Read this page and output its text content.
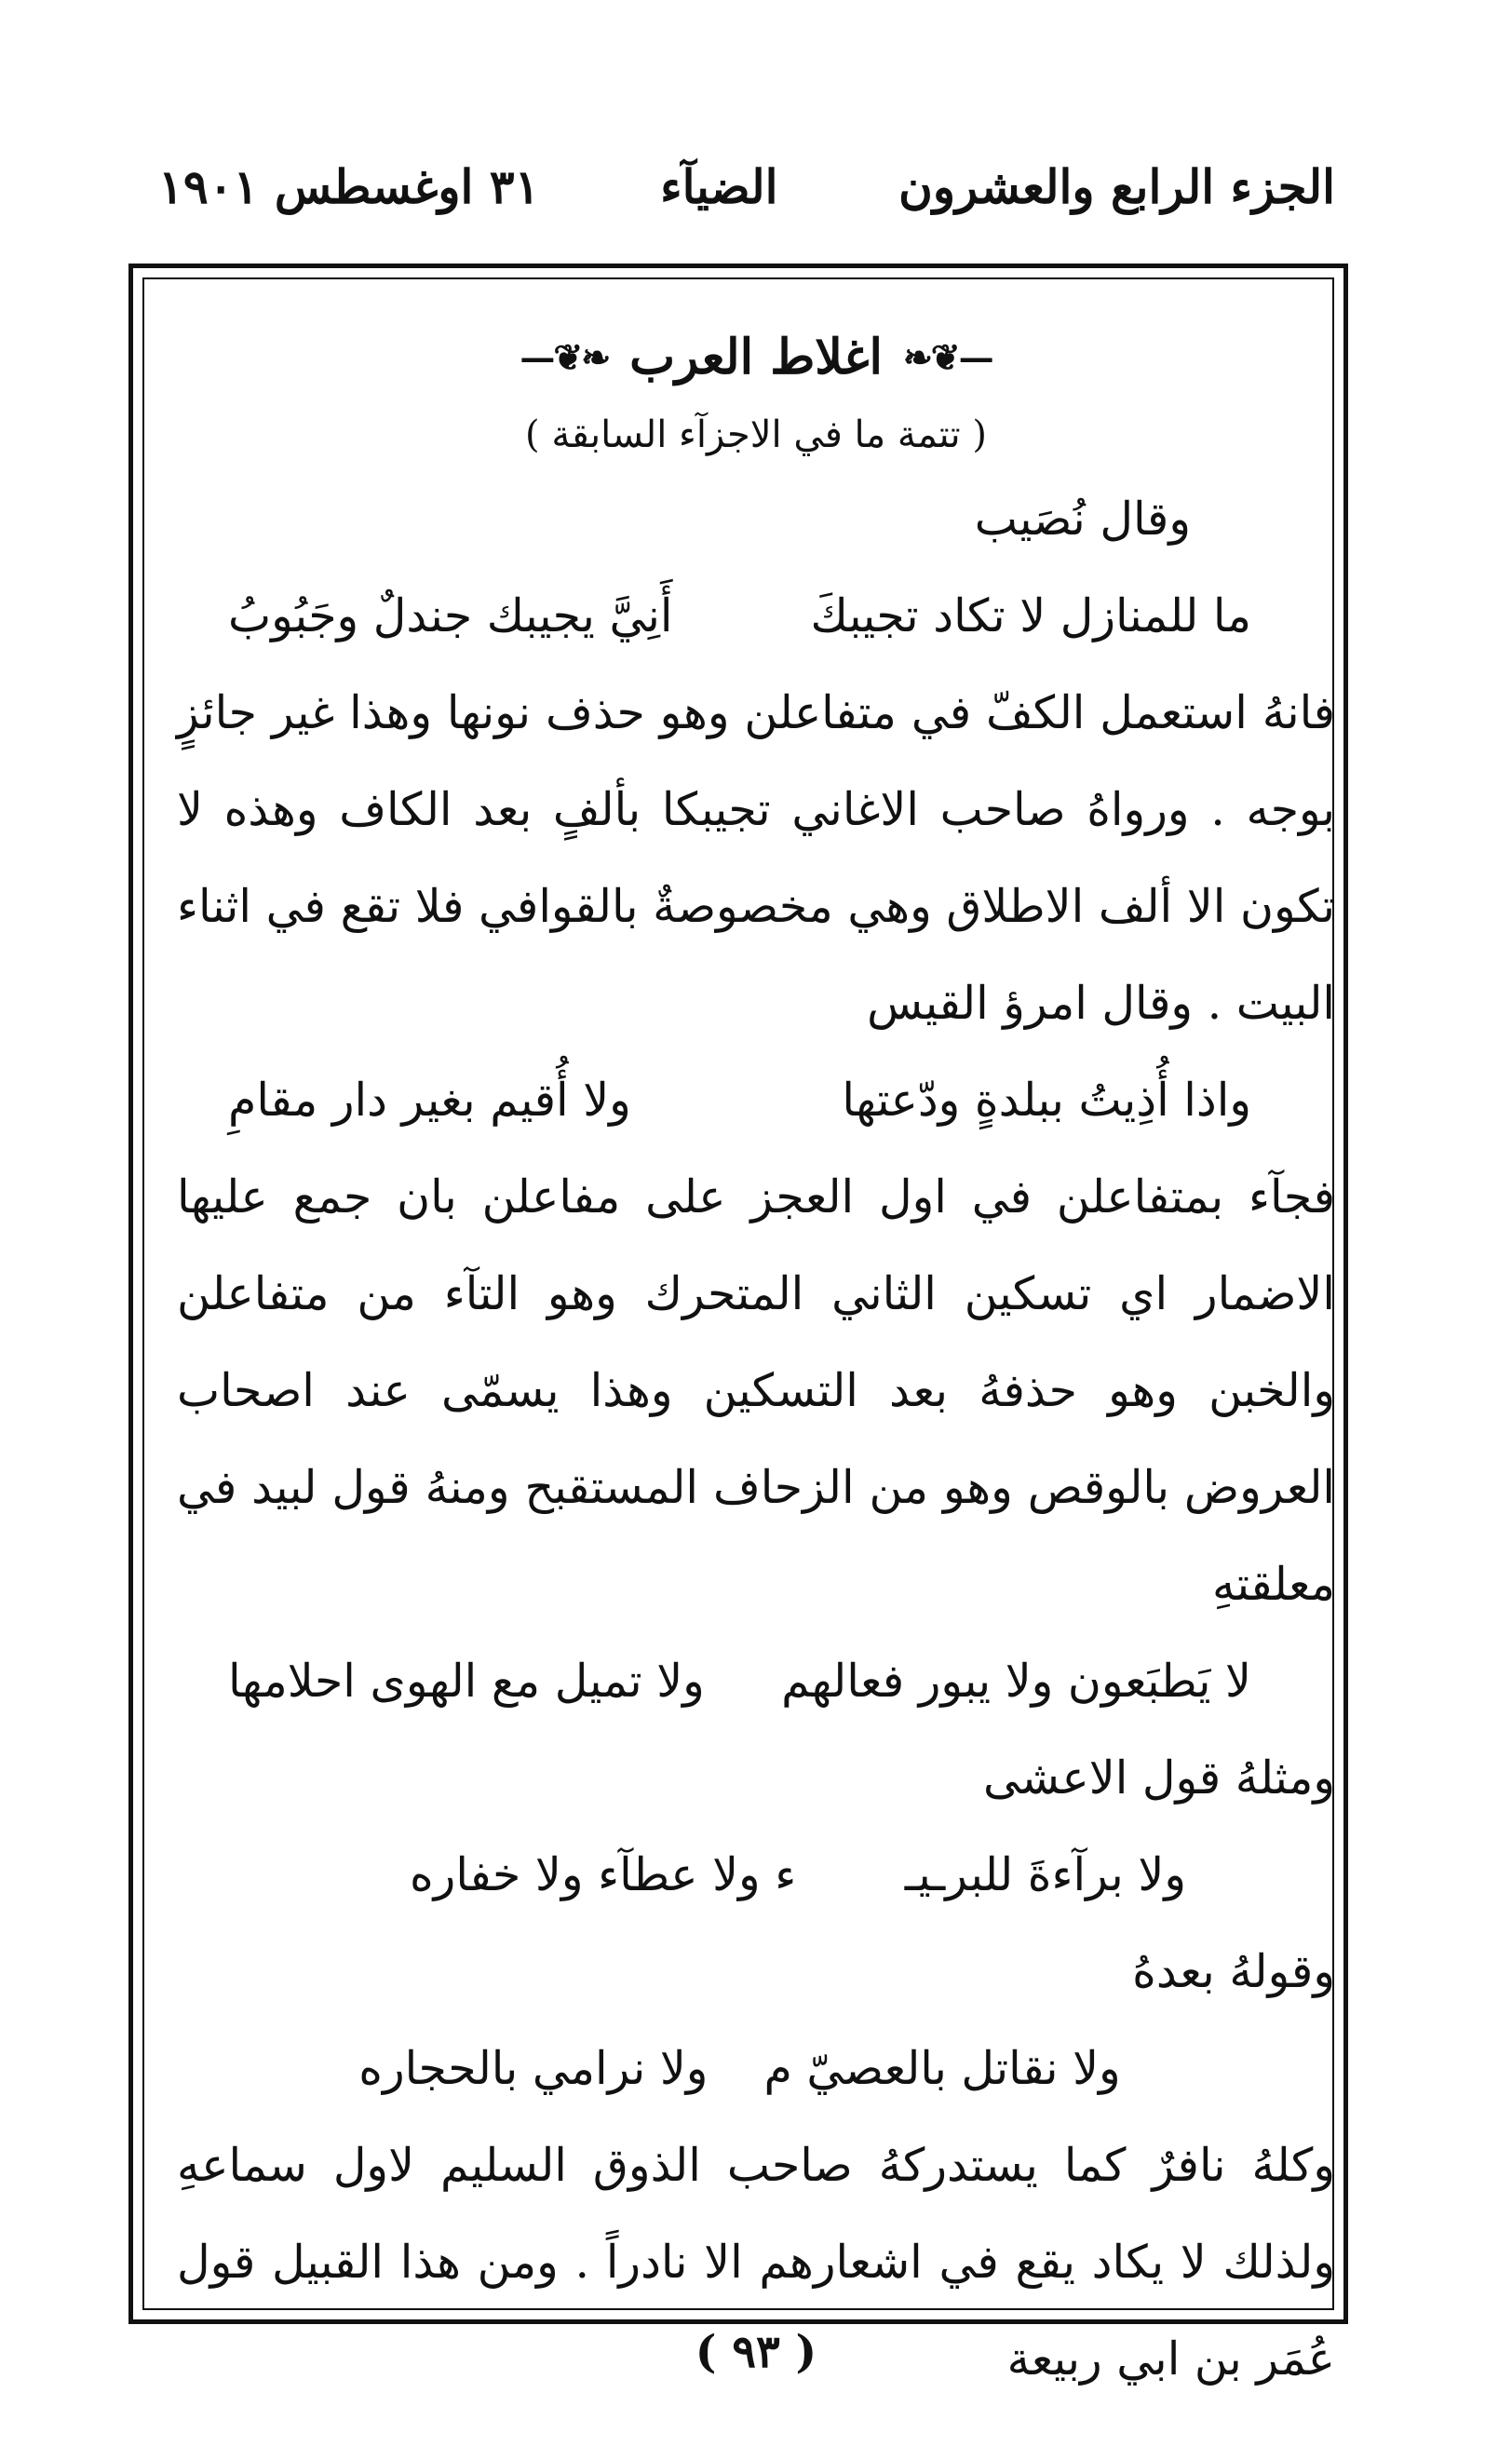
الجزء الرابع والعشرون
الضيآء
٣١ اوغسطس ١٩٠١
—❦❧
اغلاط العرب
❧❦—
( تتمة ما في الاجزآء السابقة )
وقال نُصَيب
ما للمنازل لا تكاد تجيبكَ
أَنِيَّ يجيبك جندلٌ وجَبُوبُ
فانهُ استعمل الكفّ في متفاعلن وهو حذف نونها وهذا غير جائزٍ بوجه . ورواهُ صاحب الاغاني تجيبكا بألفٍ بعد الكاف وهذه لا تكون الا ألف الاطلاق وهي مخصوصةٌ بالقوافي فلا تقع في اثناء البيت . وقال امرؤ القيس
واذا أُذِيتُ ببلدةٍ ودّعتها
ولا أُقيم بغير دار مقامِ
فجآء بمتفاعلن في اول العجز على مفاعلن بان جمع عليها الاضمار اي تسكين الثاني المتحرك وهو التآء من متفاعلن والخبن وهو حذفهُ بعد التسكين وهذا يسمّى عند اصحاب العروض بالوقص وهو من الزحاف المستقبح ومنهُ قول لبيد في معلقتهِ
لا يَطبَعون ولا يبور فعالهم
ولا تميل مع الهوى احلامها
ومثلهُ قول الاعشى
ولا برآءةَ للبرـيـ
ء ولا عطآء ولا خفاره
وقولهُ بعدهُ
ولا نقاتل بالعصيّ م
ولا نرامي بالحجاره
وكلهُ نافرٌ كما يستدركهُ صاحب الذوق السليم لاول سماعهِ ولذلك لا يكاد يقع في اشعارهم الا نادراً . ومن هذا القبيل قول عُمَر بن ابي ربيعة
( ٩٣ )
